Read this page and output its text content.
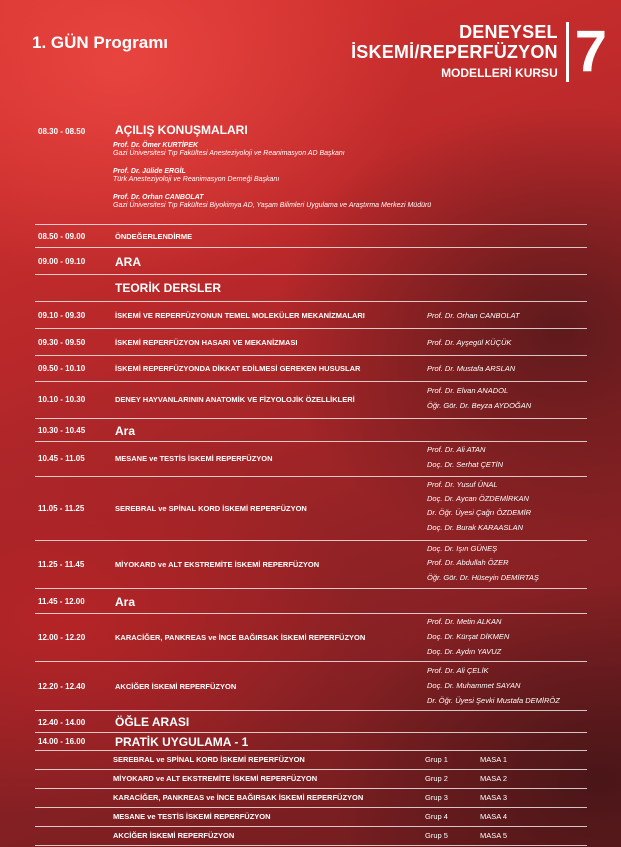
1. GÜN Programı
DENEYSEL
İSKEMİ/REPERFÜZYON
MODELLERİ KURSU 7
08.30 - 08.50 AÇILIŞ KONUŞMALARI
Prof. Dr. Ömer KURTİPEK
Gazi Üniversitesi Tıp Fakültesi Anesteziyoloji ve Reanimasyon AD Başkanı
Prof. Dr. Jülide ERGİL
Türk Anesteziyoloji ve Reanimasyon Derneği Başkanı
Prof. Dr. Orhan CANBOLAT
Gazi Üniversitesi Tıp Fakültesi Biyokimya AD, Yaşam Bilimleri Uygulama ve Araştırma Merkezi Müdürü
08.50 - 09.00	ÖNDEĞERLENDİRME
09.00 - 09.10 ARA
TEORİK DERSLER
09.10 - 09.30	İSKEMİ VE REPERFÜZYONUN TEMEL MOLEKÜLER MEKANİZMALARI	Prof. Dr. Orhan CANBOLAT
09.30 - 09.50	İSKEMİ REPERFÜZYON HASARI VE MEKANİZMASI	Prof. Dr. Ayşegül KÜÇÜK
09.50 - 10.10	İSKEMİ REPERFÜZYONDA DİKKAT EDİLMESİ GEREKEN HUSUSLAR	Prof. Dr. Mustafa ARSLAN
10.10 - 10.30	DENEY HAYVANLARININ ANATOMİK VE FİZYOLOJİK ÖZELLİKLERİ
Prof. Dr. Elvan ANADOL
Öğr. Gör. Dr. Beyza AYDOĞAN
10.30 - 10.45 Ara
10.45 - 11.05	MESANE ve TESTİS İSKEMİ REPERFÜZYON
Prof. Dr. Ali ATAN
Doç. Dr. Serhat ÇETİN
11.05 - 11.25	SEREBRAL ve SPİNAL KORD İSKEMİ REPERFÜZYON
Prof. Dr. Yusuf ÜNAL
Doç. Dr. Aycan ÖZDEMİRKAN
Dr. Öğr. Üyesi Çağrı ÖZDEMİR
Doç. Dr. Burak KARAASLAN
11.25 - 11.45	MİYOKARD ve ALT EKSTREMİTE İSKEMİ REPERFÜZYON
Doç. Dr. Işın GÜNEŞ
Prof. Dr. Abdullah ÖZER
Öğr. Gör. Dr. Hüseyin DEMİRTAŞ
11.45 - 12.00	Ara
12.00 - 12.20	KARACİĞER, PANKREAS ve İNCE BAĞIRSAK İSKEMİ REPERFÜZYON
Prof. Dr. Metin ALKAN
Doç. Dr. Kürşat DİKMEN
Doç. Dr. Aydın YAVUZ
12.20 - 12.40	AKCİĞER İSKEMİ REPERFÜZYON
Prof. Dr. Ali ÇELİK
Doç. Dr. Muhammet SAYAN
Dr. Öğr. Üyesi Şevki Mustafa DEMİRÖZ
12.40 - 14.00 ÖĞLE ARASI
14.00 - 16.00 PRATİK UYGULAMA - 1
SEREBRAL ve SPİNAL KORD İSKEMİ REPERFÜZYON	Grup 1	MASA 1
MİYOKARD ve ALT EKSTREMİTE İSKEMİ REPERFÜZYON	Grup 2	MASA 2
KARACİĞER, PANKREAS ve İNCE BAĞIRSAK İSKEMİ REPERFÜZYON	Grup 3	MASA 3
MESANE ve TESTİS İSKEMİ REPERFÜZYON	Grup 4	MASA 4
AKCİĞER İSKEMİ REPERFÜZYON	Grup 5	MASA 5
